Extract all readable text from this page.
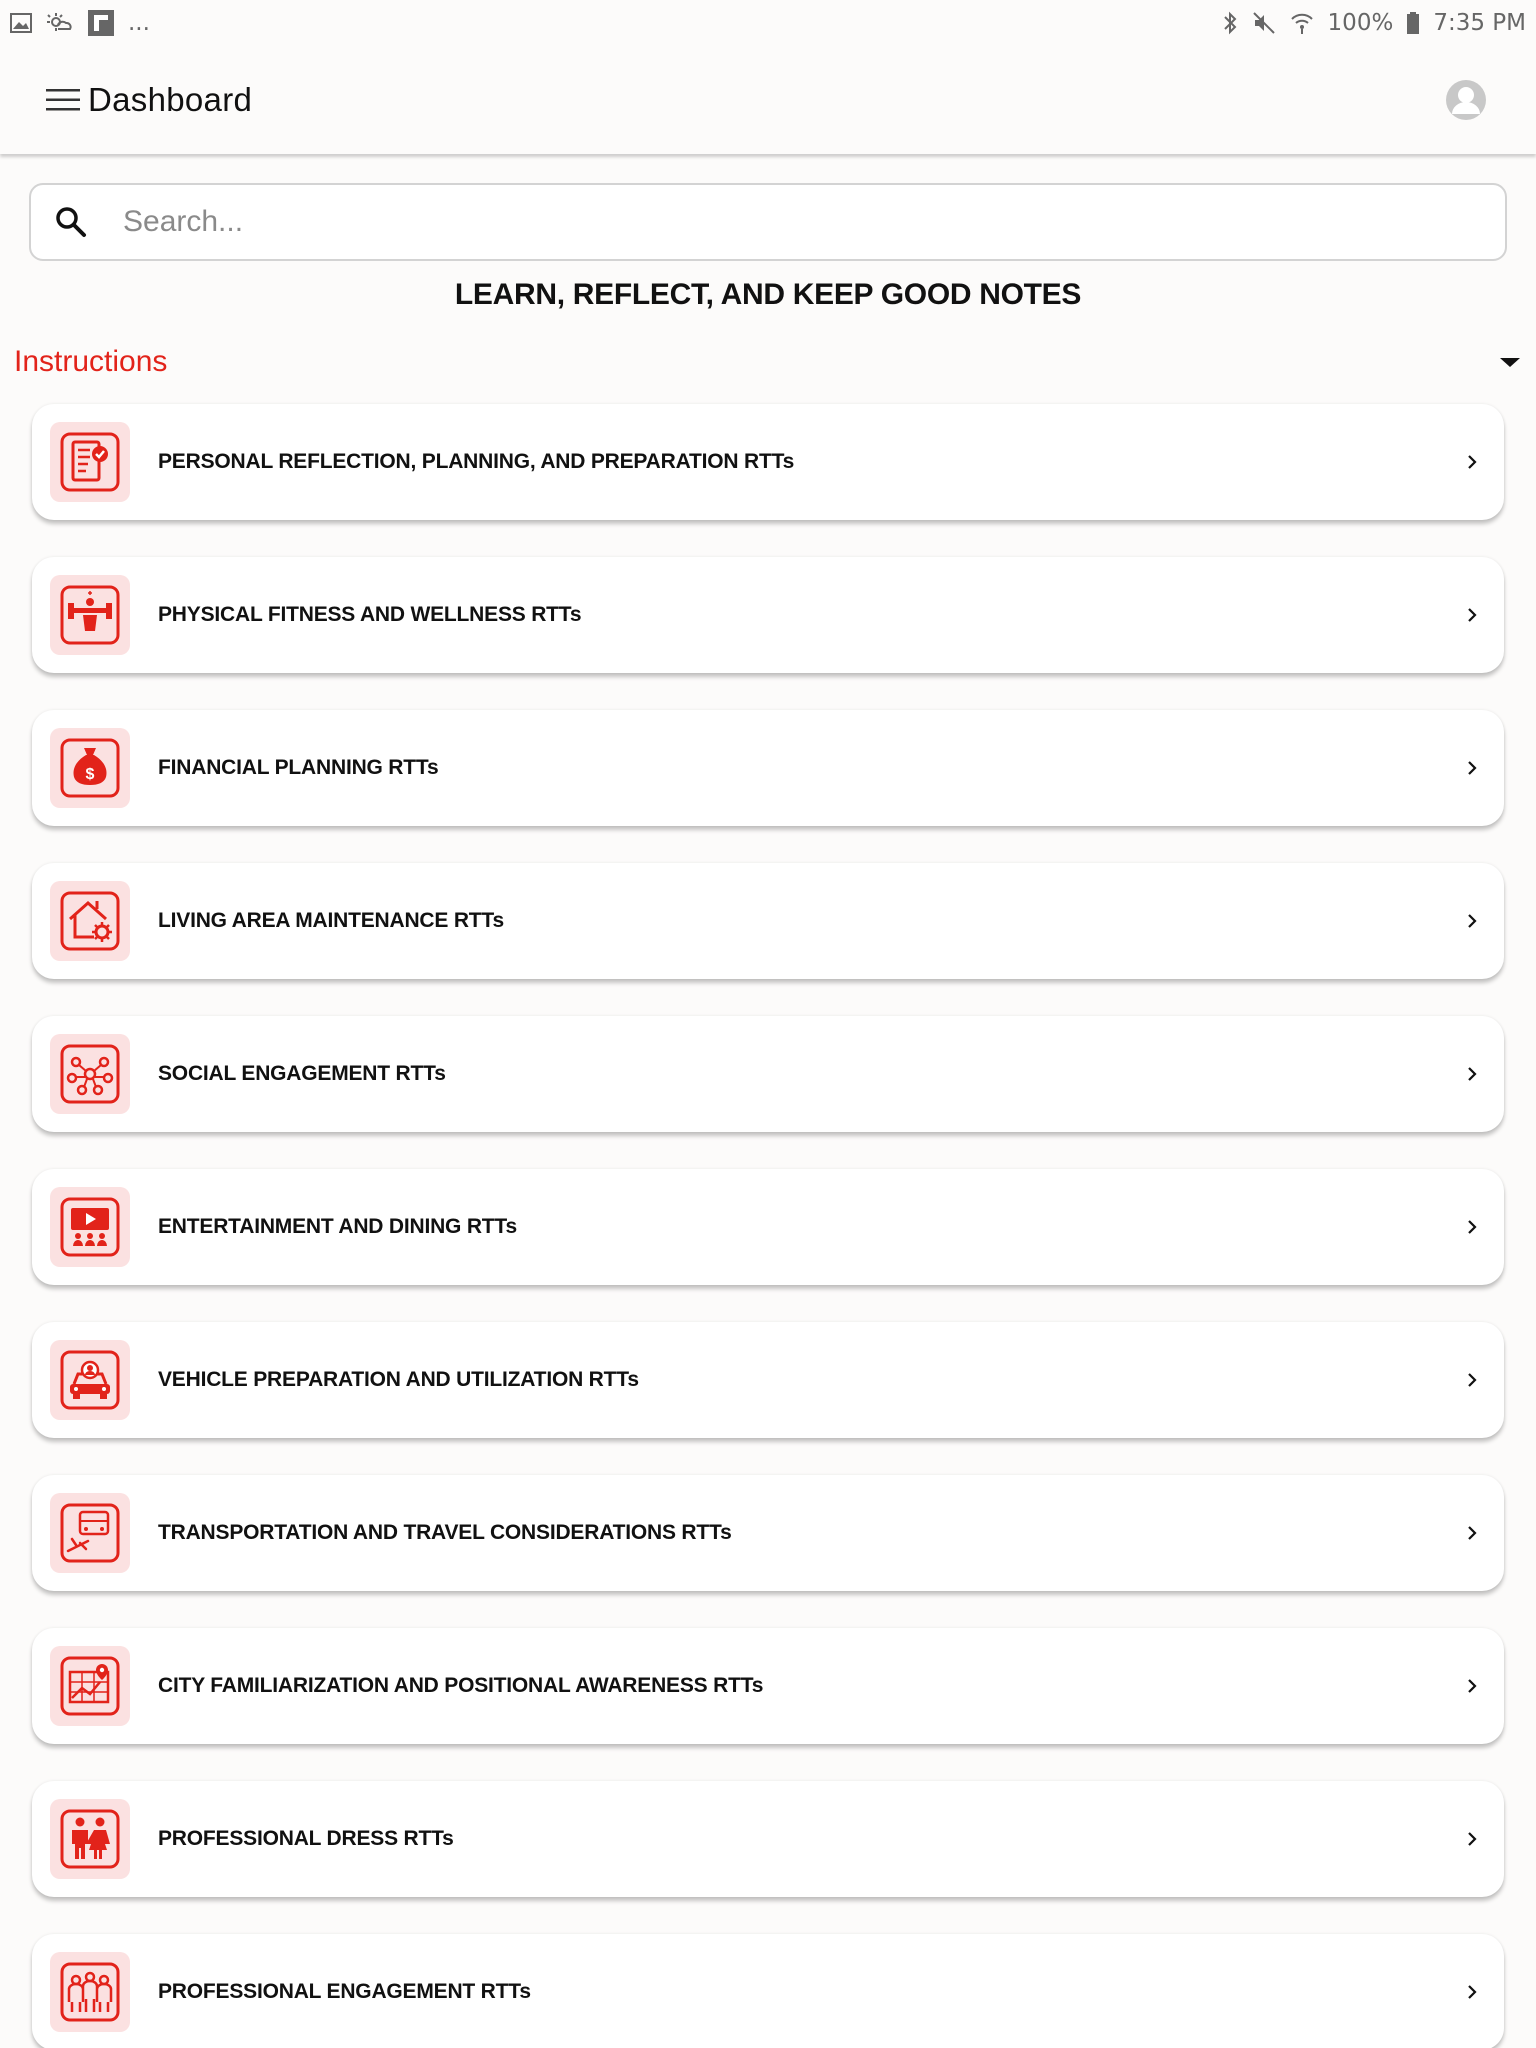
...	100% 7:35 PM
Dashboard
Search...
LEARN, REFLECT, AND KEEP GOOD NOTES
Instructions
PERSONAL REFLECTION, PLANNING, AND PREPARATION RTTs
PHYSICAL FITNESS AND WELLNESS RTTs
$	FINANCIAL PLANNING RTTs
LIVING AREA MAINTENANCE RTTs
SOCIAL ENGAGEMENT RTTs
ENTERTAINMENT AND DINING RTTs
VEHICLE PREPARATION AND UTILIZATION RTTs
TRANSPORTATION AND TRAVEL CONSIDERATIONS RTTs
CITY FAMILIARIZATION AND POSITIONAL AWARENESS RTTs
PROFESSIONAL DRESS RTTs
PROFESSIONAL ENGAGEMENT RTTs
